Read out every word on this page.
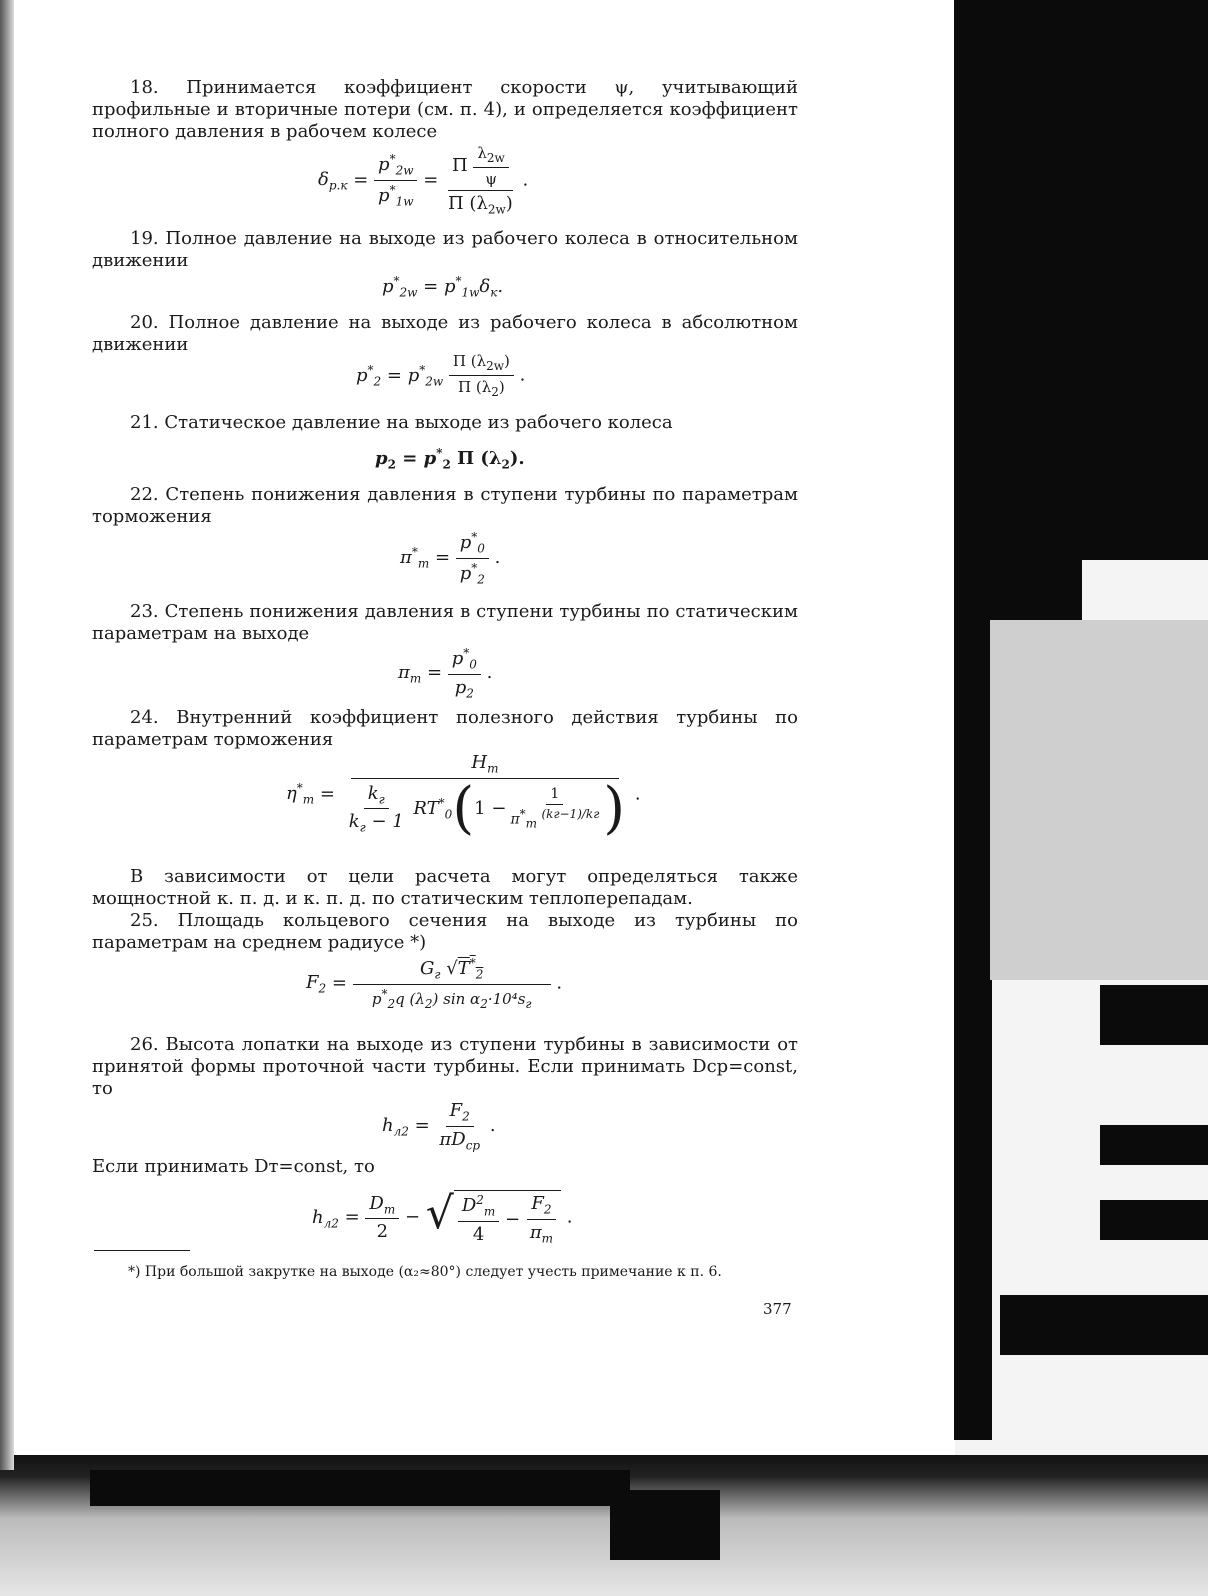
18. Принимается коэффициент скорости ψ, учитывающий профильные и вторичные потери (см. п. 4), и определяется коэффициент полного давления в рабочем колесе

$\delta_{р.к} = \frac{p^*_{2w}}{p^*_{1w}} = \frac{\Pi \frac{\lambda_{2w}}{\psi}}{\Pi (\lambda_{2w})}$ .

19. Полное давление на выходе из рабочего колеса в относительном движении

$p^*_{2w} = p^*_{1w}\delta_к$.

20. Полное давление на выходе из рабочего колеса в абсолютном движении

$p^*_2 = p^*_{2w} \frac{\Pi (\lambda_{2w})}{\Pi (\lambda_2)}$ .

21. Статическое давление на выходе из рабочего колеса

$p_2 = p^*_2$ Π $(\lambda_2)$.

22. Степень понижения давления в ступени турбины по параметрам торможения

$\pi^*_т = \frac{p^*_0}{p^*_2}$ .

23. Степень понижения давления в ступени турбины по статическим параметрам на выходе

$\pi_т = \frac{p^*_0}{p_2}$ .

24. Внутренний коэффициент полезного действия турбины по параметрам торможения

$\eta^*_т$ =
$H_т$
$\frac{k_г}{k_г - 1} RT^*_0$ ( $1 - \frac{1}{\pi^*_т ^{(kг-1)/kг}}$ ) .

В зависимости от цели расчета могут определяться также мощностной к. п. д. и к. п. д. по статическим теплоперепадам.

25. Площадь кольцевого сечения на выходе из турбины по параметрам на среднем радиусе *)

$F_2 = \frac{G_г √T^*_2}{p^*_2q (\lambda_2) \sin \alpha_2\cdot 10^4s_г}$ .

26. Высота лопатки на выходе из ступени турбины в зависимости от принятой формы проточной части турбины. Если принимать Dср=const, то

$h_{л2} = \frac{F_2}{\pi D_{ср}}$ .

Если принимать Dт=const, то

$h_{л2} = \frac{D_т}{2}$ − √ $\frac{D^2_т}{4} - \frac{F_2}{\pi_т}$ .
*) При большой закрутке на выходе (α₂≈80°) следует учесть примечание к п. 6.
377
